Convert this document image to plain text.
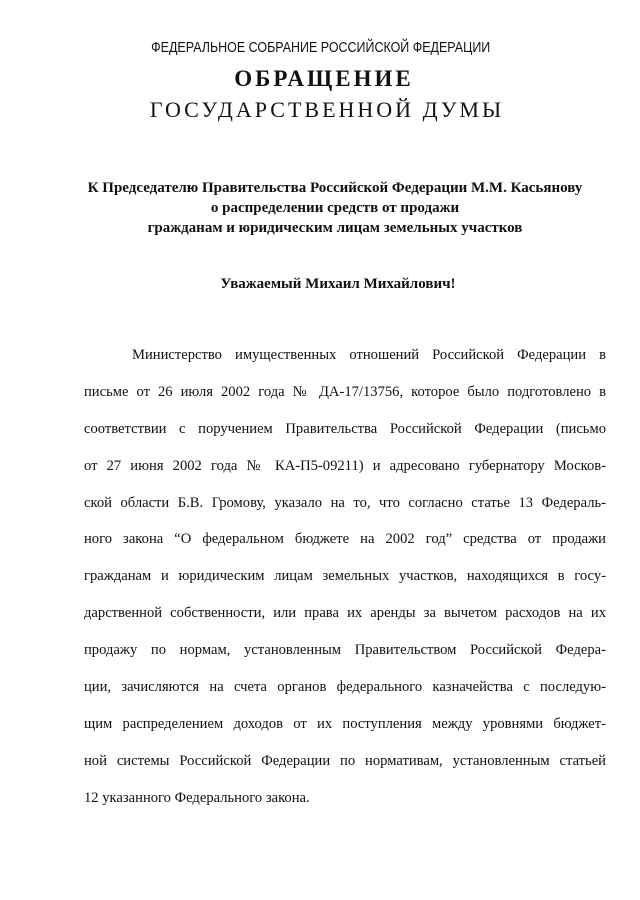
ФЕДЕРАЛЬНОЕ СОБРАНИЕ РОССИЙСКОЙ ФЕДЕРАЦИИ
ОБРАЩЕНИЕ
ГОСУДАРСТВЕННОЙ ДУМЫ
К Председателю Правительства Российской Федерации М.М. Касьянову
о распределении средств от продажи
гражданам и юридическим лицам земельных участков
Уважаемый Михаил Михайлович!
Министерство имущественных отношений Российской Федерации в
письме от 26 июля 2002 года № ДА-17/13756, которое было подготовлено в
соответствии с поручением Правительства Российской Федерации (письмо
от 27 июня 2002 года № КА-П5-09211) и адресовано губернатору Москов-
ской области Б.В. Громову, указало на то, что согласно статье 13 Федераль-
ного закона “О федеральном бюджете на 2002 год” средства от продажи
гражданам и юридическим лицам земельных участков, находящихся в госу-
дарственной собственности, или права их аренды за вычетом расходов на их
продажу по нормам, установленным Правительством Российской Федера-
ции, зачисляются на счета органов федерального казначейства с последую-
щим распределением доходов от их поступления между уровнями бюджет-
ной системы Российской Федерации по нормативам, установленным статьей
12 указанного Федерального закона.
